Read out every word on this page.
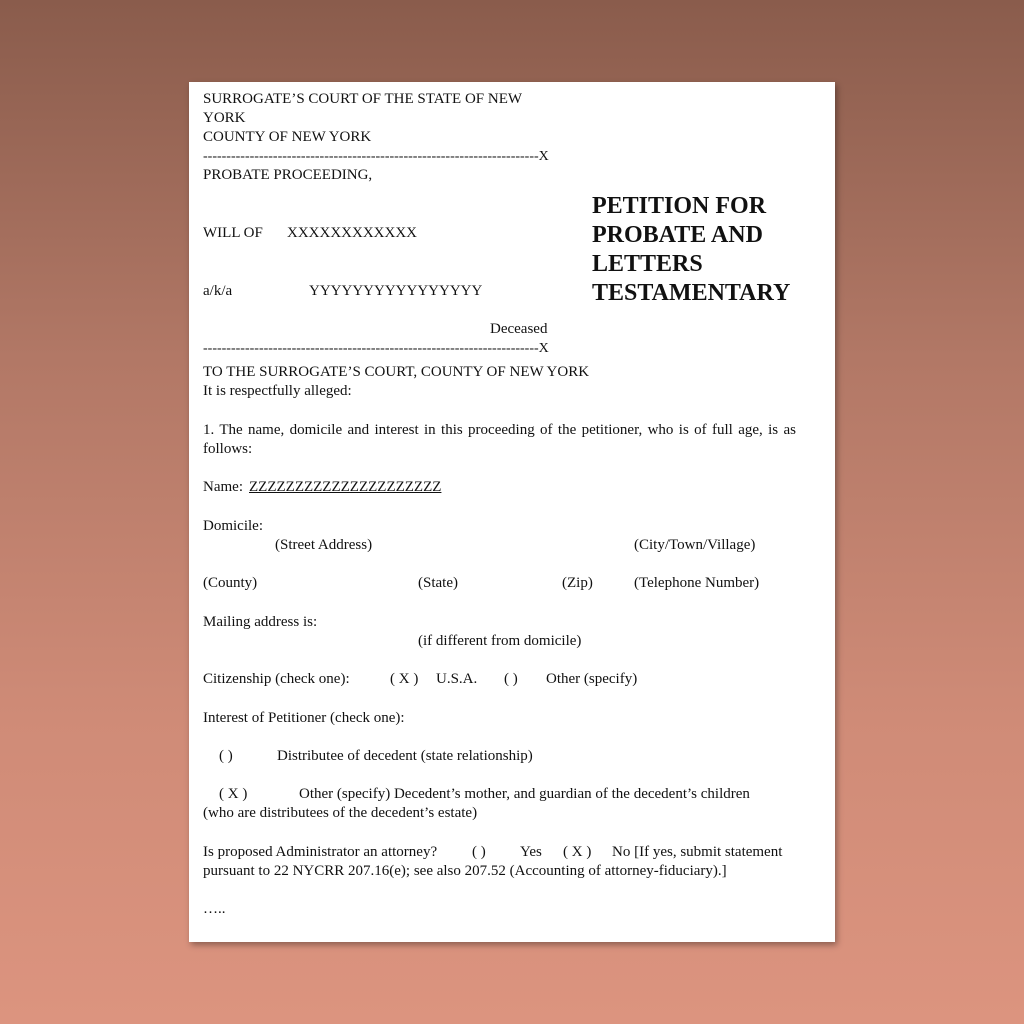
SURROGATE’S COURT OF THE STATE OF NEW
YORK
COUNTY OF NEW YORK
------------------------------------------------------------------------X
PROBATE PROCEEDING,
WILL OF XXXXXXXXXXXX
a/k/a	YYYYYYYYYYYYYYYY
PETITION FOR
PROBATE AND
LETTERS
TESTAMENTARY
Deceased
------------------------------------------------------------------------X
TO THE SURROGATE’S COURT, COUNTY OF NEW YORK
It is respectfully alleged:
1. The name, domicile and interest in this proceeding of the petitioner, who is of full age, is as follows:
Name: ZZZZZZZZZZZZZZZZZZZZZ
Domicile:
(Street Address)	(City/Town/Village)
(County)	(State)	(Zip)	(Telephone Number)
Mailing address is:
(if different from domicile)
Citizenship (check one):	( X ) U.S.A. ( ) Other (specify)
Interest of Petitioner (check one):
( )	Distributee of decedent (state relationship)
( X )	Other (specify) Decedent’s mother, and guardian of the decedent’s children
(who are distributees of the decedent’s estate)
Is proposed Administrator an attorney? ( ) Yes ( X ) No [If yes, submit statement
pursuant to 22 NYCRR 207.16(e); see also 207.52 (Accounting of attorney-fiduciary).]
…..
